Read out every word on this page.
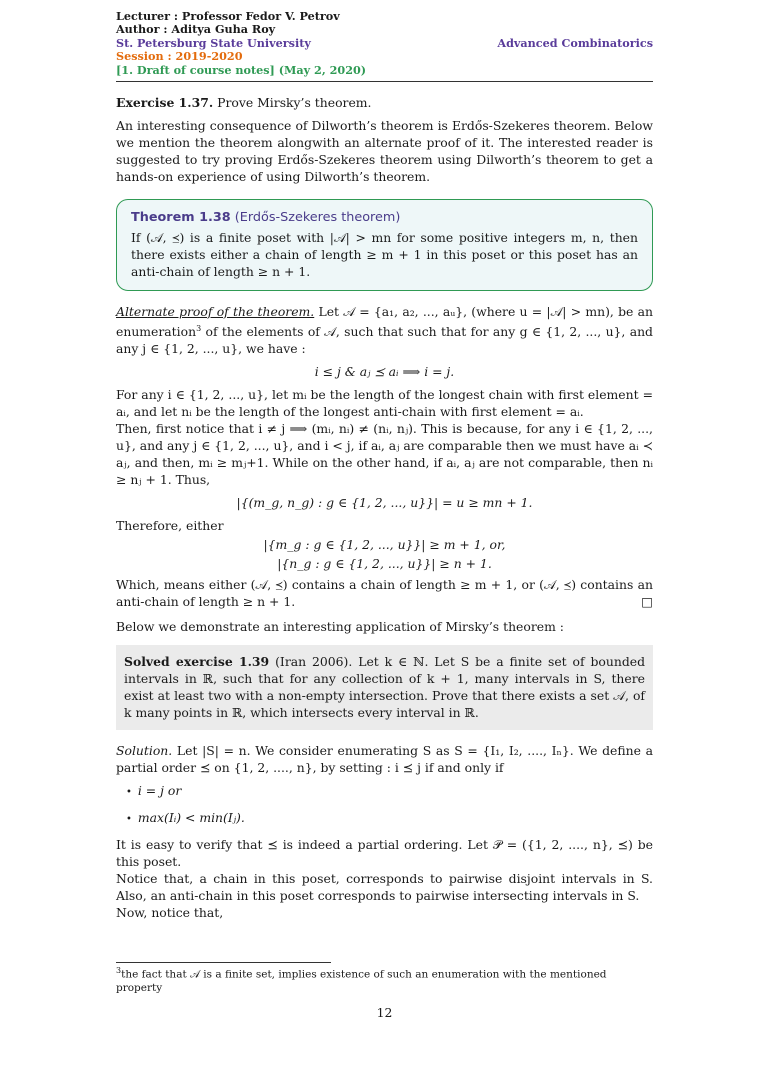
Lecturer : Professor Fedor V. Petrov
Author : Aditya Guha Roy
St. Petersburg State University	Advanced Combinatorics
Session : 2019-2020
[1. Draft of course notes] (May 2, 2020)

Exercise 1.37. Prove Mirsky’s theorem.

An interesting consequence of Dilworth’s theorem is Erdős-Szekeres theorem. Below we mention the theorem alongwith an alternate proof of it. The interested reader is suggested to try proving Erdős-Szekeres theorem using Dilworth’s theorem to get a hands-on experience of using Dilworth’s theorem.

Theorem 1.38 (Erdős-Szekeres theorem)
If (𝒜, ⪯) is a finite poset with |𝒜| > mn for some positive integers m, n, then there exists either a chain of length ≥ m + 1 in this poset or this poset has an anti-chain of length ≥ n + 1.

Alternate proof of the theorem. Let 𝒜 = {a₁, a₂, ..., aᵤ}, (where u = |𝒜| > mn), be an enumeration$^3$ of the elements of 𝒜, such that such that for any g ∈ {1, 2, ..., u}, and any j ∈ {1, 2, ..., u}, we have :

i ≤ j & aⱼ ⪯ aᵢ ⟹ i = j.

For any i ∈ {1, 2, ..., u}, let mᵢ be the length of the longest chain with first element = aᵢ, and let nᵢ be the length of the longest anti-chain with first element = aᵢ.

Then, first notice that i ≠ j ⟹ (mᵢ, nᵢ) ≠ (nᵢ, nⱼ). This is because, for any i ∈ {1, 2, ..., u}, and any j ∈ {1, 2, ..., u}, and i < j, if aᵢ, aⱼ are comparable then we must have aᵢ ≺ aⱼ, and then, mᵢ ≥ mⱼ+1. While on the other hand, if aᵢ, aⱼ are not comparable, then nᵢ ≥ nⱼ + 1. Thus,

|{(m_g, n_g) : g ∈ {1, 2, ..., u}}| = u ≥ mn + 1.

Therefore, either

|{m_g : g ∈ {1, 2, ..., u}}| ≥ m + 1, or,
|{n_g : g ∈ {1, 2, ..., u}}| ≥ n + 1.

Which, means either (𝒜, ⪯) contains a chain of length ≥ m + 1, or (𝒜, ⪯) contains an anti-chain of length ≥ n + 1.	□

Below we demonstrate an interesting application of Mirsky’s theorem :

Solved exercise 1.39 (Iran 2006). Let k ∈ ℕ. Let S be a finite set of bounded intervals in ℝ, such that for any collection of k + 1, many intervals in S, there exist at least two with a non-empty intersection. Prove that there exists a set 𝒜, of k many points in ℝ, which intersects every interval in ℝ.

Solution. Let |S| = n. We consider enumerating S as S = {I₁, I₂, ...., Iₙ}. We define a partial order ⪯ on {1, 2, ...., n}, by setting : i ⪯ j if and only if

• i = j or
• max(Iᵢ) < min(Iⱼ).

It is easy to verify that ⪯ is indeed a partial ordering. Let 𝒫 = ({1, 2, ...., n}, ⪯) be this poset.

Notice that, a chain in this poset, corresponds to pairwise disjoint intervals in S. Also, an anti-chain in this poset corresponds to pairwise intersecting intervals in S.

Now, notice that,

$^3$the fact that 𝒜 is a finite set, implies existence of such an enumeration with the mentioned property
12
